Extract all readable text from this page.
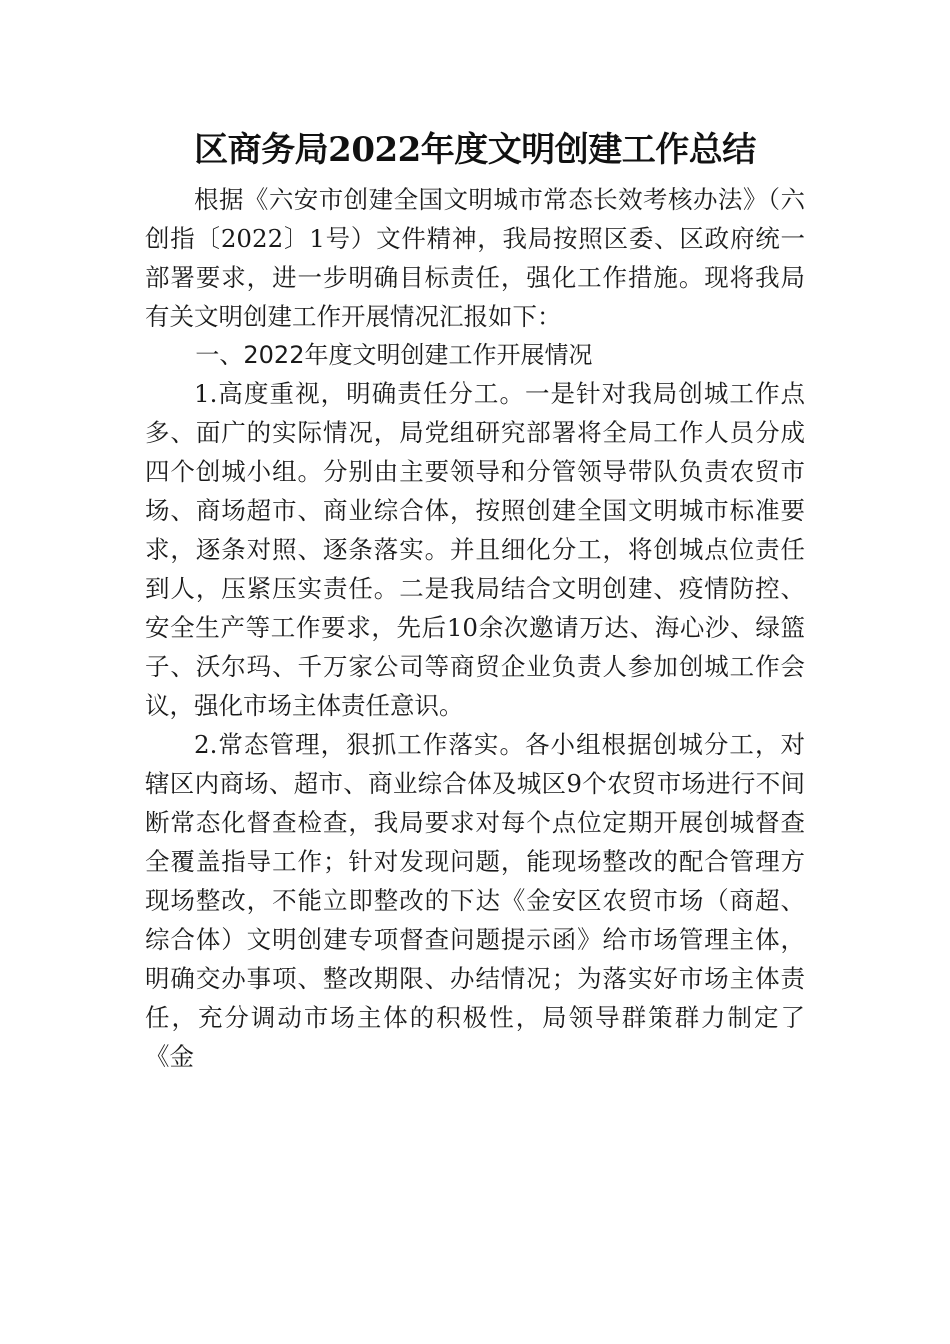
区商务局2022年度文明创建工作总结

根据《六安市创建全国文明城市常态长效考核办法》（六创指〔2022〕1号）文件精神，我局按照区委、区政府统一部署要求，进一步明确目标责任，强化工作措施。现将我局有关文明创建工作开展情况汇报如下：

一、2022年度文明创建工作开展情况

1.高度重视，明确责任分工。一是针对我局创城工作点多、面广的实际情况，局党组研究部署将全局工作人员分成四个创城小组。分别由主要领导和分管领导带队负责农贸市场、商场超市、商业综合体，按照创建全国文明城市标准要求，逐条对照、逐条落实。并且细化分工，将创城点位责任到人，压紧压实责任。二是我局结合文明创建、疫情防控、安全生产等工作要求，先后10余次邀请万达、海心沙、绿篮子、沃尔玛、千万家公司等商贸企业负责人参加创城工作会议，强化市场主体责任意识。

2.常态管理，狠抓工作落实。各小组根据创城分工，对辖区内商场、超市、商业综合体及城区9个农贸市场进行不间断常态化督查检查，我局要求对每个点位定期开展创城督查全覆盖指导工作；针对发现问题，能现场整改的配合管理方现场整改，不能立即整改的下达《金安区农贸市场（商超、综合体）文明创建专项督查问题提示函》给市场管理主体，明确交办事项、整改期限、办结情况；为落实好市场主体责任，充分调动市场主体的积极性，局领导群策群力制定了《金
